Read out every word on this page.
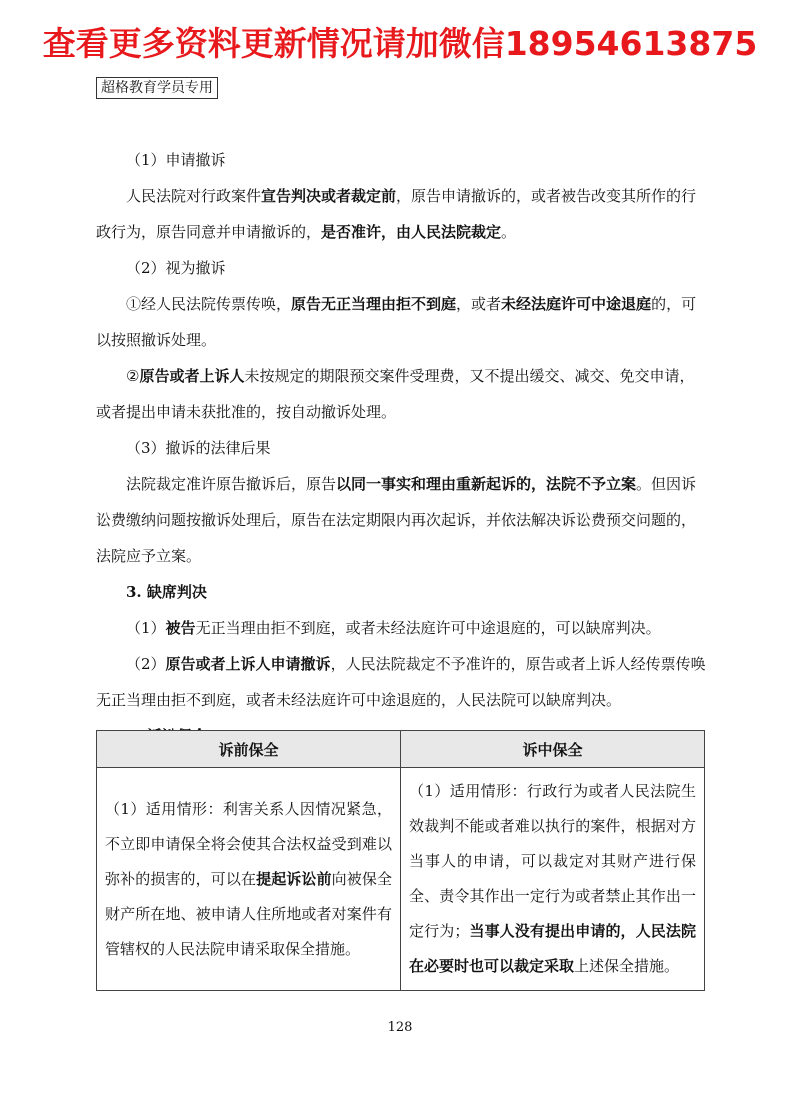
查看更多资料更新情况请加微信18954613875
超格教育学员专用

（1）申请撤诉

人民法院对行政案件宣告判决或者裁定前，原告申请撤诉的，或者被告改变其所作的行政行为，原告同意并申请撤诉的，是否准许，由人民法院裁定。

（2）视为撤诉

①经人民法院传票传唤，原告无正当理由拒不到庭，或者未经法庭许可中途退庭的，可以按照撤诉处理。

②原告或者上诉人未按规定的期限预交案件受理费，又不提出缓交、减交、免交申请，或者提出申请未获批准的，按自动撤诉处理。

（3）撤诉的法律后果

法院裁定准许原告撤诉后，原告以同一事实和理由重新起诉的，法院不予立案。但因诉讼费缴纳问题按撤诉处理后，原告在法定期限内再次起诉，并依法解决诉讼费预交问题的，法院应予立案。

3. 缺席判决

（1）被告无正当理由拒不到庭，或者未经法庭许可中途退庭的，可以缺席判决。

（2）原告或者上诉人申请撤诉，人民法院裁定不予准许的，原告或者上诉人经传票传唤无正当理由拒不到庭，或者未经法庭许可中途退庭的，人民法院可以缺席判决。

诉前保全	诉中保全
（1）适用情形：利害关系人因情况紧急，不立即申请保全将会使其合法权益受到难以弥补的损害的，可以在提起诉讼前向被保全财产所在地、被申请人住所地或者对案件有管辖权的人民法院申请采取保全措施。	（1）适用情形：行政行为或者人民法院生效裁判不能或者难以执行的案件，根据对方当事人的申请，可以裁定对其财产进行保全、责令其作出一定行为或者禁止其作出一定行为；当事人没有提出申请的，人民法院在必要时也可以裁定采取上述保全措施。
128
